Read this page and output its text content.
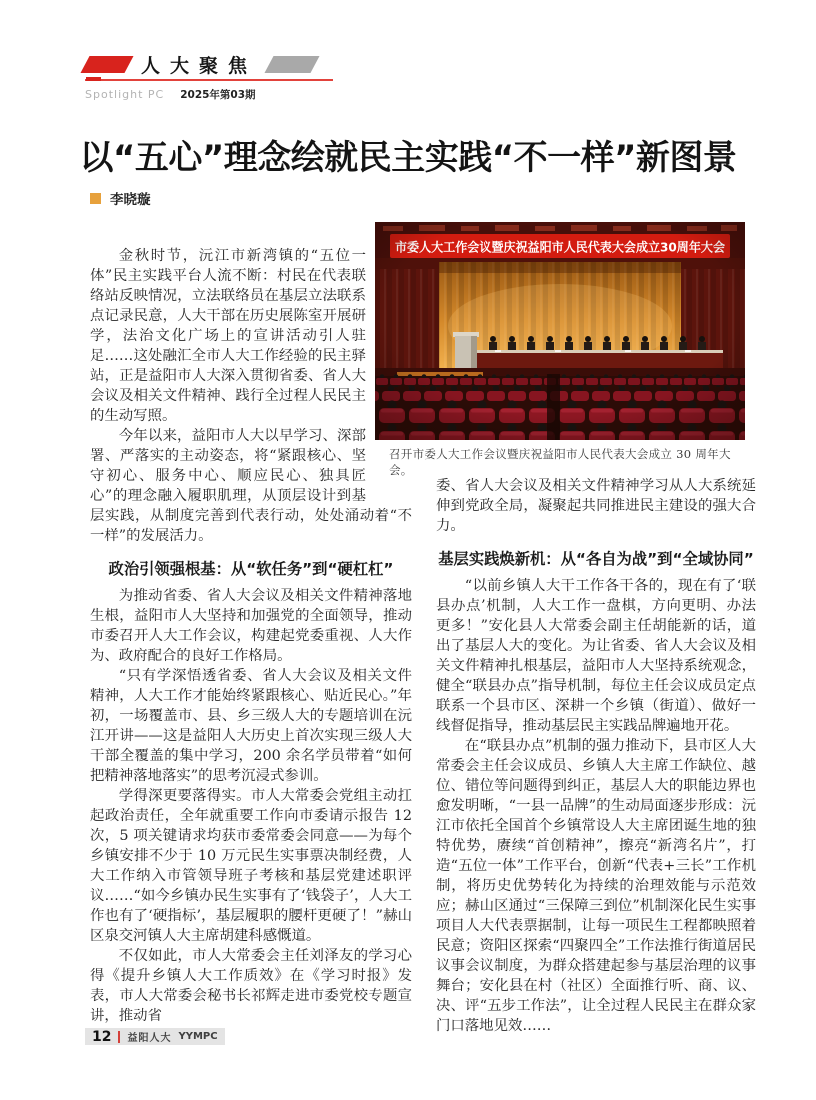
人大聚焦
Spotlight PC 2025年第03期
以“五心”理念绘就民主实践“不一样”新图景
李晓璇
召开市委人大工作会议暨庆祝益阳市人民代表大会成立 30 周年大会。

金秋时节，沅江市新湾镇的“五位一体”民主实践平台人流不断：村民在代表联络站反映情况，立法联络员在基层立法联系点记录民意，人大干部在历史展陈室开展研学，法治文化广场上的宣讲活动引人驻足……这处融汇全市人大工作经验的民主驿站，正是益阳市人大深入贯彻省委、省人大会议及相关文件精神、践行全过程人民民主的生动写照。

今年以来，益阳市人大以早学习、深部署、严落实的主动姿态，将“紧跟核心、坚守初心、服务中心、顺应民心、独具匠心”的理念融入履职肌理，从顶层设计到基层实践，从制度完善到代表行动，处处涌动着“不一样”的发展活力。

政治引领强根基：从“软任务”到“硬杠杠”

为推动省委、省人大会议及相关文件精神落地生根，益阳市人大坚持和加强党的全面领导，推动市委召开人大工作会议，构建起党委重视、人大作为、政府配合的良好工作格局。

“只有学深悟透省委、省人大会议及相关文件精神，人大工作才能始终紧跟核心、贴近民心。”年初，一场覆盖市、县、乡三级人大的专题培训在沅江开讲——这是益阳人大历史上首次实现三级人大干部全覆盖的集中学习，200 余名学员带着“如何把精神落地落实”的思考沉浸式参训。

学得深更要落得实。市人大常委会党组主动扛起政治责任，全年就重要工作向市委请示报告 12 次，5 项关键请求均获市委常委会同意——为每个乡镇安排不少于 10 万元民生实事票决制经费，人大工作纳入市管领导班子考核和基层党建述职评议……“如今乡镇办民生实事有了‘钱袋子’，人大工作也有了‘硬指标’，基层履职的腰杆更硬了！”赫山区泉交河镇人大主席胡建科感慨道。

不仅如此，市人大常委会主任刘泽友的学习心得《提升乡镇人大工作质效》在《学习时报》发表，市人大常委会秘书长祁辉走进市委党校专题宣讲，推动省

委、省人大会议及相关文件精神学习从人大系统延伸到党政全局，凝聚起共同推进民主建设的强大合力。

基层实践焕新机：从“各自为战”到“全域协同”

“以前乡镇人大干工作各干各的，现在有了‘联县办点’机制，人大工作一盘棋，方向更明、办法更多！”安化县人大常委会副主任胡能新的话，道出了基层人大的变化。为让省委、省人大会议及相关文件精神扎根基层，益阳市人大坚持系统观念，健全“联县办点”指导机制，每位主任会议成员定点联系一个县市区、深耕一个乡镇（街道）、做好一线督促指导，推动基层民主实践品牌遍地开花。

在“联县办点”机制的强力推动下，县市区人大常委会主任会议成员、乡镇人大主席工作缺位、越位、错位等问题得到纠正，基层人大的职能边界也愈发明晰，“一县一品牌”的生动局面逐步形成：沅江市依托全国首个乡镇常设人大主席团诞生地的独特优势，赓续“首创精神”，擦亮“新湾名片”，打造“五位一体”工作平台，创新“代表+三长”工作机制，将历史优势转化为持续的治理效能与示范效应；赫山区通过“三保障三到位”机制深化民生实事项目人大代表票据制，让每一项民生工程都映照着民意；资阳区探索“四聚四全”工作法推行街道居民议事会议制度，为群众搭建起参与基层治理的议事舞台；安化县在村（社区）全面推行听、商、议、决、评“五步工作法”，让全过程人民民主在群众家门口落地见效……

12 益阳人大 YYMPC
